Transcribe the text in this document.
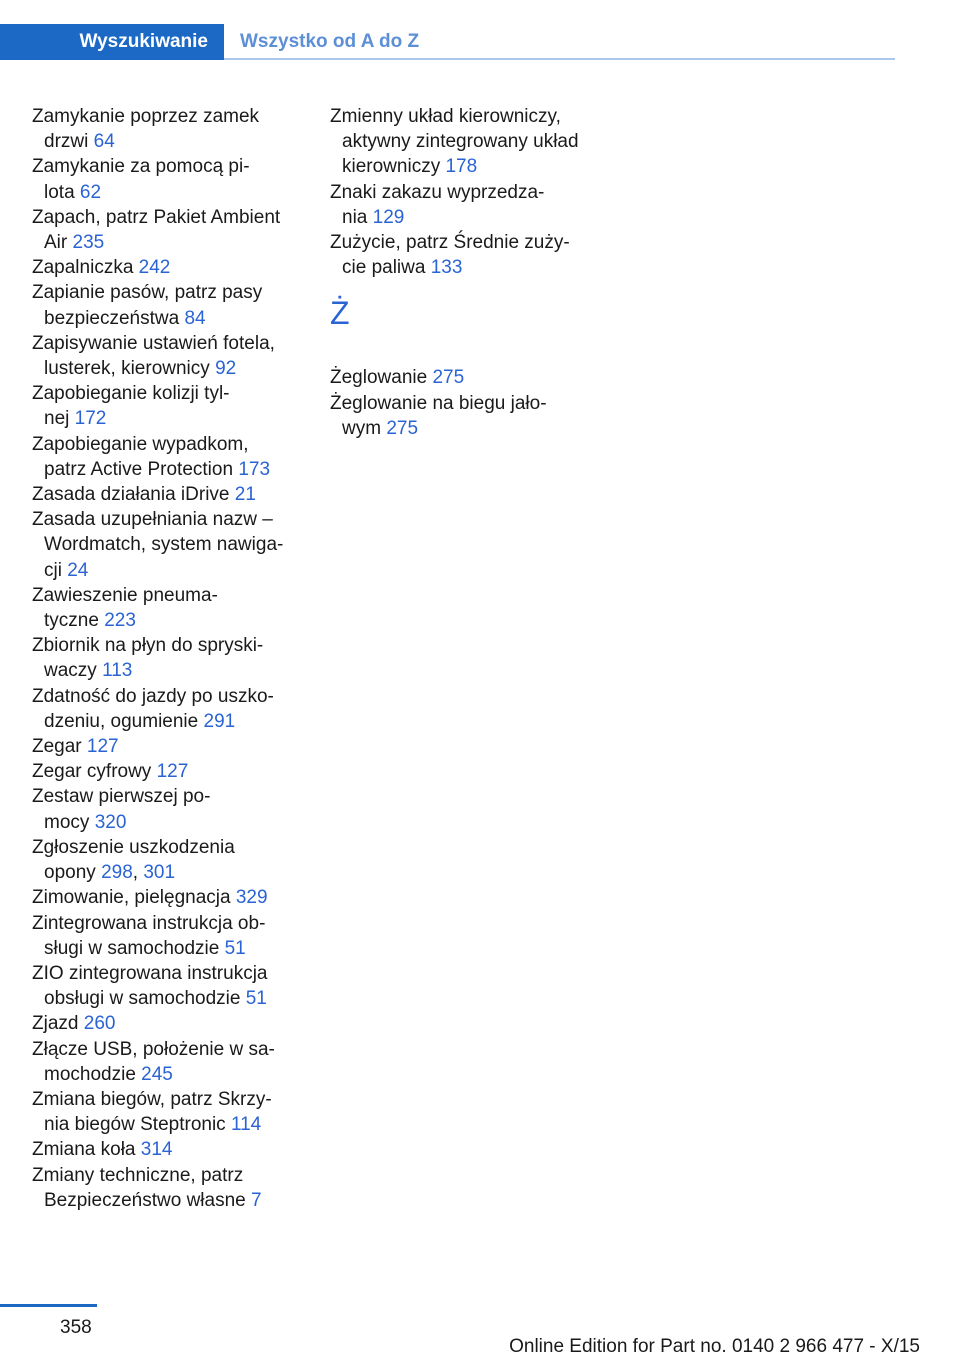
Wyszukiwanie Wszystko od A do Z
Zamykanie poprzez zamek
drzwi 64
Zamykanie za pomocą pi-
lota 62
Zapach, patrz Pakiet Ambient
Air 235
Zapalniczka 242
Zapianie pasów, patrz pasy
bezpieczeństwa 84
Zapisywanie ustawień fotela,
lusterek, kierownicy 92
Zapobieganie kolizji tyl-
nej 172
Zapobieganie wypadkom,
patrz Active Protection 173
Zasada działania iDrive 21
Zasada uzupełniania nazw –
Wordmatch, system nawiga-
cji 24
Zawieszenie pneuma-
tyczne 223
Zbiornik na płyn do spryski-
waczy 113
Zdatność do jazdy po uszko-
dzeniu, ogumienie 291
Zegar 127
Zegar cyfrowy 127
Zestaw pierwszej po-
mocy 320
Zgłoszenie uszkodzenia
opony 298, 301
Zimowanie, pielęgnacja 329
Zintegrowana instrukcja ob-
sługi w samochodzie 51
ZIO zintegrowana instrukcja
obsługi w samochodzie 51
Zjazd 260
Złącze USB, położenie w sa-
mochodzie 245
Zmiana biegów, patrz Skrzy-
nia biegów Steptronic 114
Zmiana koła 314
Zmiany techniczne, patrz
Bezpieczeństwo własne 7
Zmienny układ kierowniczy,
aktywny zintegrowany układ
kierowniczy 178
Znaki zakazu wyprzedza-
nia 129
Zużycie, patrz Średnie zuży-
cie paliwa 133
Ż
Żeglowanie 275
Żeglowanie na biegu jało-
wym 275
358
Online Edition for Part no. 0140 2 966 477 - X/15
